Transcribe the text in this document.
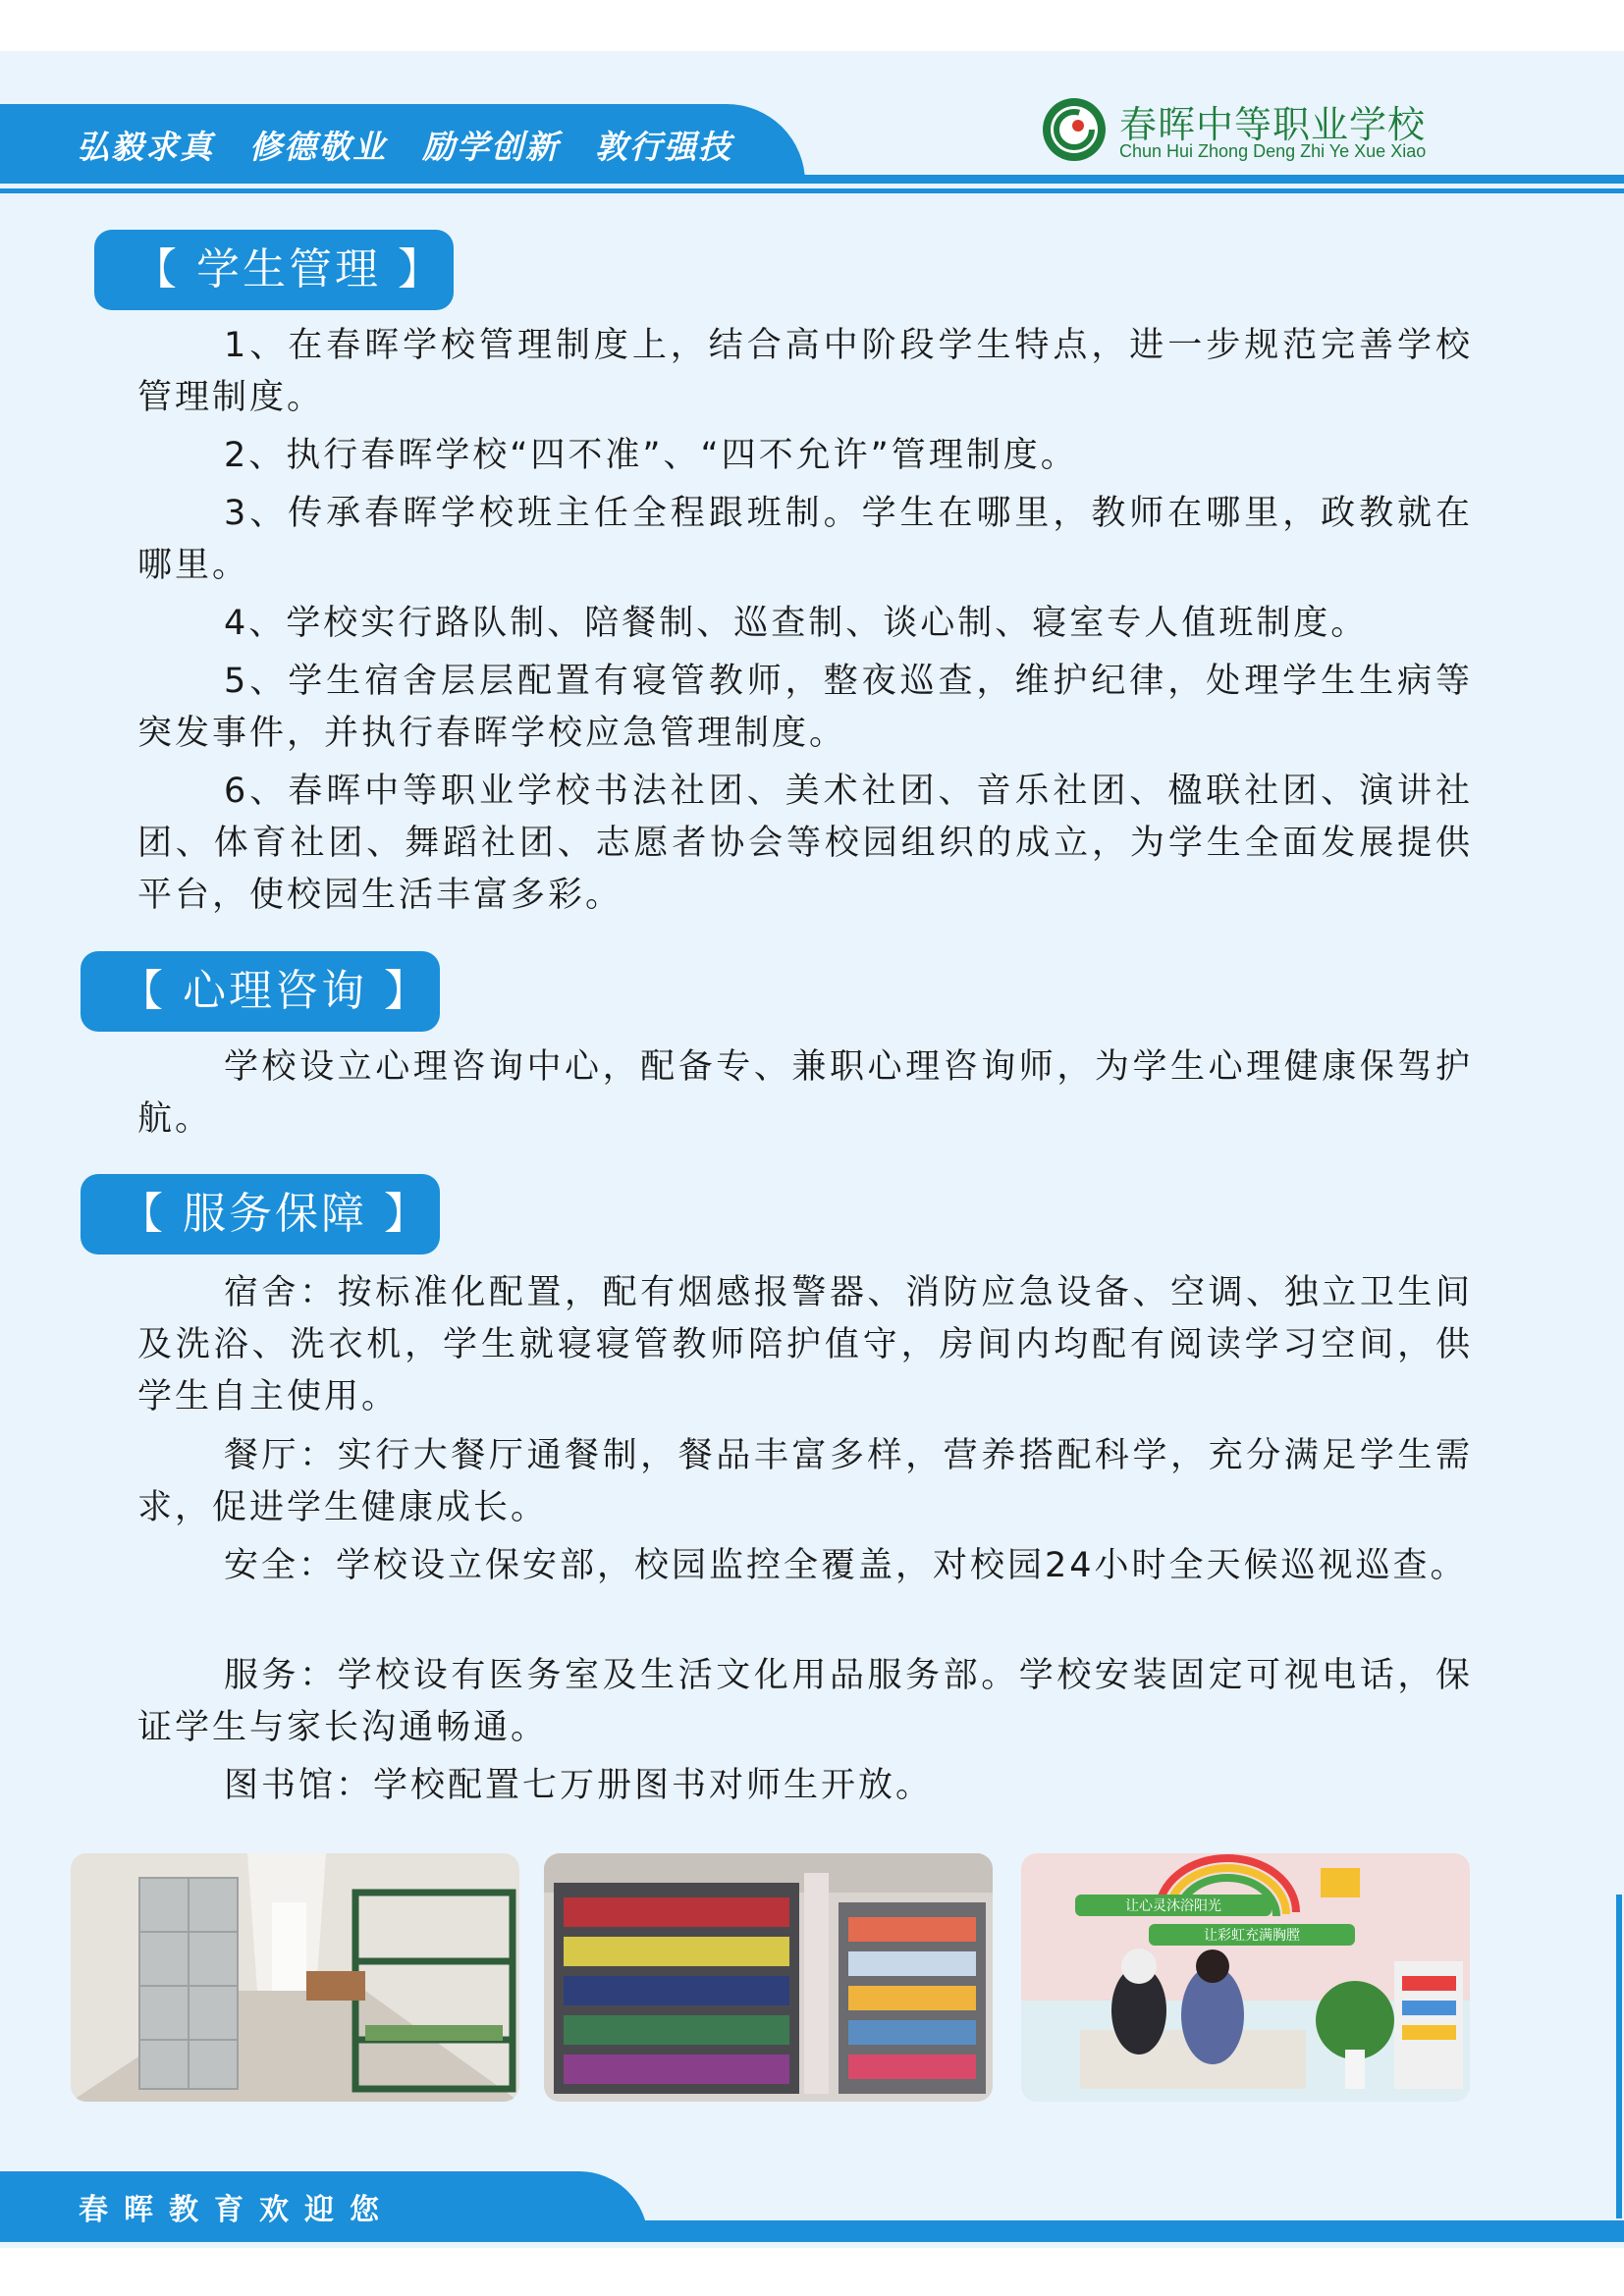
弘毅求真 修德敬业 励学创新 敦行强技
春晖中等职业学校
Chun Hui Zhong Deng Zhi Ye Xue Xiao
【 学生管理 】
1、在春晖学校管理制度上，结合高中阶段学生特点，进一步规范完善学校管理制度。
2、执行春晖学校“四不准”、“四不允许”管理制度。
3、传承春晖学校班主任全程跟班制。学生在哪里，教师在哪里，政教就在哪里。
4、学校实行路队制、陪餐制、巡查制、谈心制、寝室专人值班制度。
5、学生宿舍层层配置有寝管教师，整夜巡查，维护纪律，处理学生生病等突发事件，并执行春晖学校应急管理制度。
6、春晖中等职业学校书法社团、美术社团、音乐社团、楹联社团、演讲社团、体育社团、舞蹈社团、志愿者协会等校园组织的成立，为学生全面发展提供平台，使校园生活丰富多彩。
【 心理咨询 】
学校设立心理咨询中心，配备专、兼职心理咨询师，为学生心理健康保驾护航。
【 服务保障 】
宿舍：按标准化配置，配有烟感报警器、消防应急设备、空调、独立卫生间及洗浴、洗衣机，学生就寝寝管教师陪护值守，房间内均配有阅读学习空间，供学生自主使用。
餐厅：实行大餐厅通餐制，餐品丰富多样，营养搭配科学，充分满足学生需求，促进学生健康成长。
安全：学校设立保安部，校园监控全覆盖，对校园24小时全天候巡视巡查。
服务：学校设有医务室及生活文化用品服务部。学校安装固定可视电话，保证学生与家长沟通畅通。
图书馆：学校配置七万册图书对师生开放。
让心灵沐浴阳光
让彩虹充满胸膛
春晖教育欢迎您
